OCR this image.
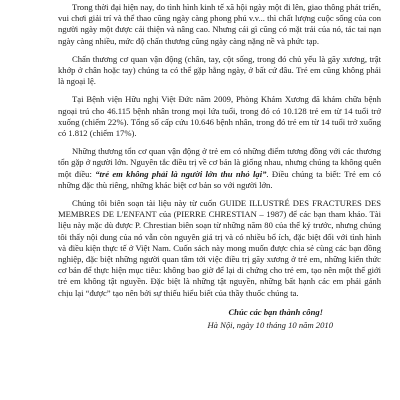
Trong thời đại hiện nay, do tình hình kinh tế xã hội ngày một đi lên, giao thông phát triển, vui chơi giải trí và thể thao cũng ngày càng phong phú v.v... thì chất lượng cuộc sống của con người ngày một được cải thiện và nâng cao. Nhưng cái gì cũng có mặt trái của nó, tác tai nạn ngày càng nhiều, mức độ chấn thương cũng ngày càng nặng nề và phức tạp.

Chấn thương cơ quan vận động (chân, tay, cột sống, trong đó chủ yếu là gãy xương, trật khớp ở chân hoặc tay) chúng ta có thể gặp hằng ngày, ở bất cứ đâu. Trẻ em cũng không phải là ngoại lệ.

Tại Bệnh viện Hữu nghị Việt Đức năm 2009, Phòng Khám Xương đã khám chữa bệnh ngoại trú cho 46.115 bệnh nhân trong mọi lứa tuổi, trong đó có 10.128 trẻ em từ 14 tuổi trở xuống (chiếm 22%). Tổng số cấp cứu 10.646 bệnh nhân, trong đó trẻ em từ 14 tuổi trở xuống có 1.812 (chiếm 17%).

Những thương tổn cơ quan vận động ở trẻ em có những điểm tương đồng với các thương tổn gặp ở người lớn. Nguyên tắc điều trị về cơ bản là giống nhau, nhưng chúng ta không quên một điều: “trẻ em không phải là người lớn thu nhỏ lại”. Điều chúng ta biết: Trẻ em có những đặc thù riêng, những khác biệt cơ bản so với người lớn.

Chúng tôi biên soạn tài liệu này từ cuốn GUIDE ILLUSTRÉ DES FRACTURES DES MEMBRES DE L'ENFANT của (PIERRE CHRESTIAN – 1987) để các bạn tham khảo. Tài liệu này mặc dù được P. Chrestian biên soạn từ những năm 80 của thế kỷ trước, nhưng chúng tôi thấy nội dung của nó vẫn còn nguyên giá trị và có nhiều bổ ích, đặc biệt đối với tình hình và điều kiện thực tế ở Việt Nam. Cuốn sách này mong muốn được chia sẻ cùng các bạn đồng nghiệp, đặc biệt những người quan tâm tới việc điều trị gãy xương ở trẻ em, những kiến thức cơ bản để thực hiện mục tiêu: không bao giờ để lại di chứng cho trẻ em, tạo nên một thế giới trẻ em không tật nguyền. Đặc biệt là những tật nguyền, những bất hạnh các em phải gánh chịu lại “được” tạo nên bởi sự thiếu hiểu biết của thầy thuốc chúng ta.

Chúc các bạn thành công!
Hà Nội, ngày 10 tháng 10 năm 2010
